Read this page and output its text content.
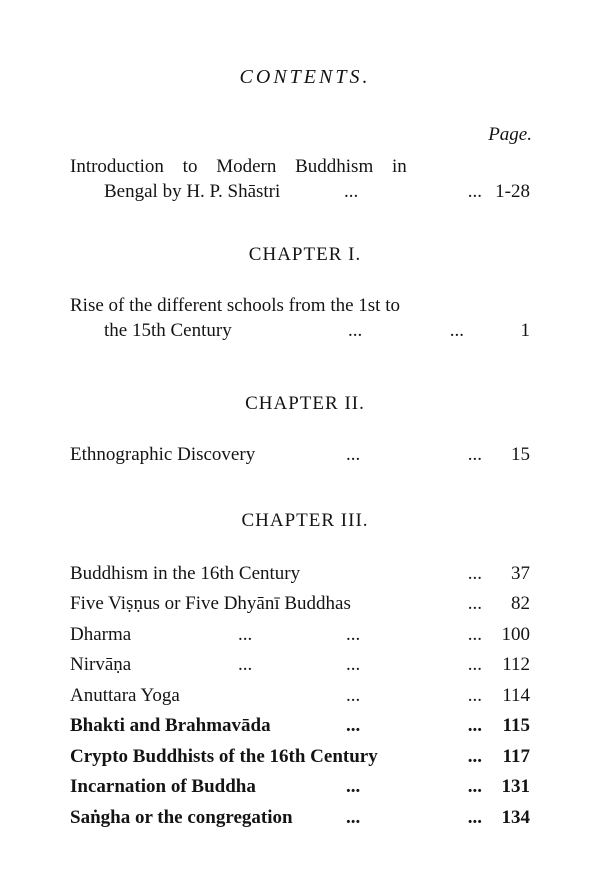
CONTENTS.
Page.
Introduction to Modern Buddhism in
Bengal by H. P. Shāstri	...	... 1-28
CHAPTER I.
Rise of the different schools from the 1st to
the 15th Century	...	...	1
CHAPTER II.
Ethnographic Discovery	...	... 15
CHAPTER III.
Buddhism in the 16th Century	... 37
Five Viṣṇus or Five Dhyānī Buddhas	... 82
Dharma	...	...	... 100
Nirvāṇa	...	...	... 112
Anuttara Yoga	...	... 114
Bhakti and Brahmavāda	...	... 115
Crypto Buddhists of the 16th Century	... 117
Incarnation of Buddha	...	... 131
Saṅgha or the congregation	...	... 134
